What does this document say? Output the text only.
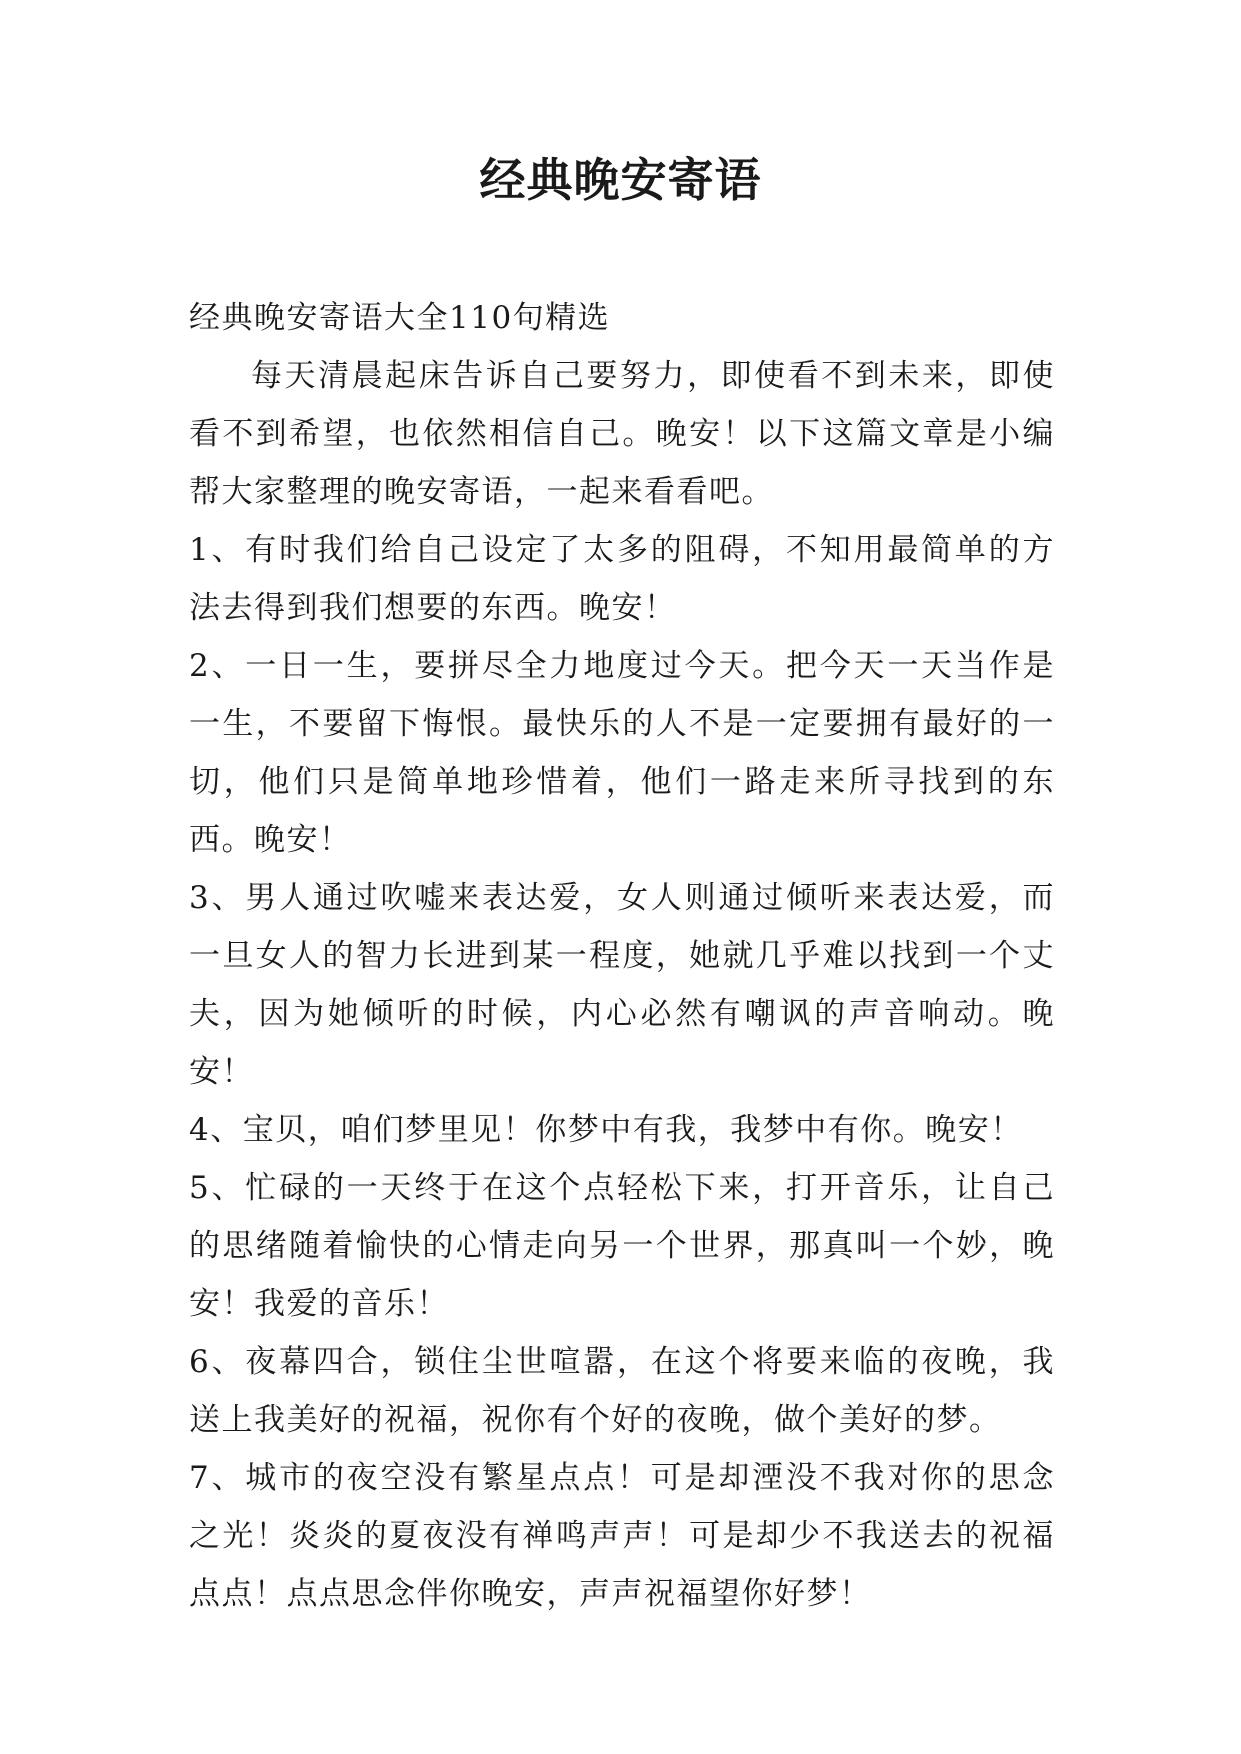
经典晚安寄语

经典晚安寄语大全110句精选

每天清晨起床告诉自己要努力，即使看不到未来，即使看不到希望，也依然相信自己。晚安！以下这篇文章是小编帮大家整理的晚安寄语，一起来看看吧。

1、有时我们给自己设定了太多的阻碍，不知用最简单的方法去得到我们想要的东西。晚安！

2、一日一生，要拼尽全力地度过今天。把今天一天当作是一生，不要留下悔恨。最快乐的人不是一定要拥有最好的一切，他们只是简单地珍惜着，他们一路走来所寻找到的东西。晚安！

3、男人通过吹嘘来表达爱，女人则通过倾听来表达爱，而一旦女人的智力长进到某一程度，她就几乎难以找到一个丈夫，因为她倾听的时候，内心必然有嘲讽的声音响动。晚安！

4、宝贝，咱们梦里见！你梦中有我，我梦中有你。晚安！

5、忙碌的一天终于在这个点轻松下来，打开音乐，让自己的思绪随着愉快的心情走向另一个世界，那真叫一个妙，晚安！我爱的音乐！

6、夜幕四合，锁住尘世喧嚣，在这个将要来临的夜晚，我送上我美好的祝福，祝你有个好的夜晚，做个美好的梦。

7、城市的夜空没有繁星点点！可是却湮没不我对你的思念之光！炎炎的夏夜没有禅鸣声声！可是却少不我送去的祝福点点！点点思念伴你晚安，声声祝福望你好梦！
